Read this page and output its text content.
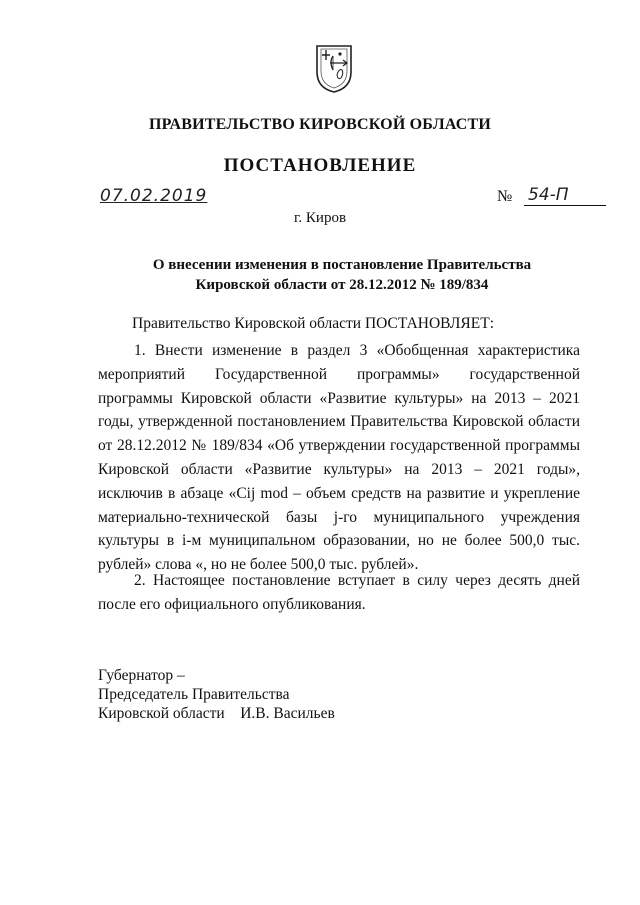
ПРАВИТЕЛЬСТВО КИРОВСКОЙ ОБЛАСТИ
ПОСТАНОВЛЕНИЕ
07.02.2019	№ 54-П
г. Киров
О внесении изменения в постановление Правительства Кировской области от 28.12.2012 № 189/834
Правительство Кировской области ПОСТАНОВЛЯЕТ:

1. Внести изменение в раздел 3 «Обобщенная характеристика мероприятий Государственной программы» государственной программы Кировской области «Развитие культуры» на 2013 – 2021 годы, утвержденной постановлением Правительства Кировской области от 28.12.2012 № 189/834 «Об утверждении государственной программы Кировской области «Развитие культуры» на 2013 – 2021 годы», исключив в абзаце «Cij mod – объем средств на развитие и укрепление материально-технической базы j-го муниципального учреждения культуры в i-м муниципальном образовании, но не более 500,0 тыс. рублей» слова «, но не более 500,0 тыс. рублей».

2. Настоящее постановление вступает в силу через десять дней после его официального опубликования.

Губернатор –
Председатель Правительства
Кировской области    И.В. Васильев
